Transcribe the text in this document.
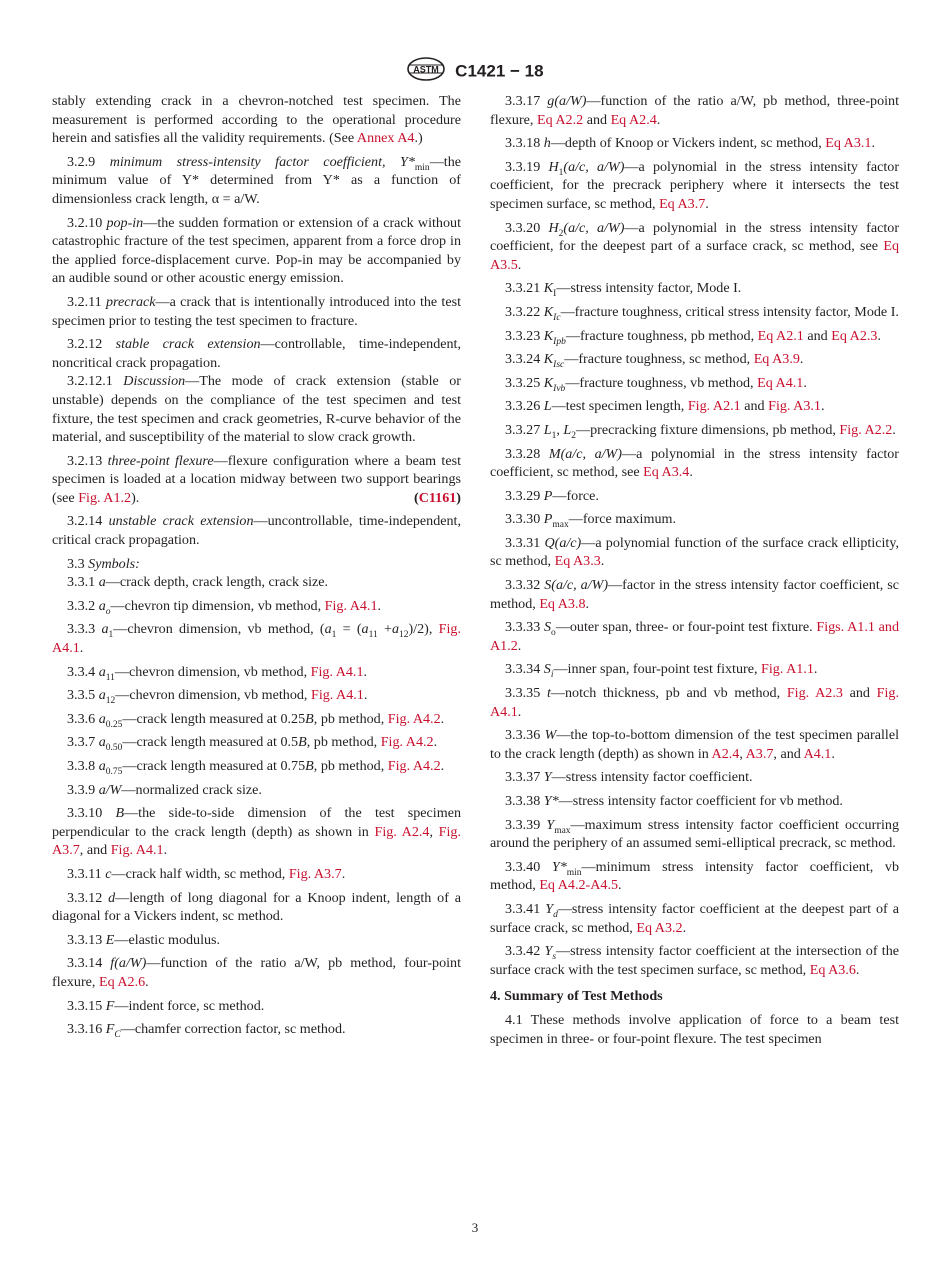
ASTM C1421 − 18

stably extending crack in a chevron-notched test specimen. The measurement is performed according to the operational procedure herein and satisfies all the validity requirements. (See Annex A4.)

3.2.9 minimum stress-intensity factor coefficient, $Y*_{min}—the$ minimum value of Y* determined from Y* as a function of dimensionless crack length, α = a/W.

3.2.10 pop-in—the sudden formation or extension of a crack without catastrophic fracture of the test specimen, apparent from a force drop in the applied force-displacement curve. Pop-in may be accompanied by an audible sound or other acoustic energy emission.

3.2.11 precrack—a crack that is intentionally introduced into the test specimen prior to testing the test specimen to fracture.

3.2.12 stable crack extension—controllable, time-independent, noncritical crack propagation.

3.2.12.1 Discussion—The mode of crack extension (stable or unstable) depends on the compliance of the test specimen and test fixture, the test specimen and crack geometries, R-curve behavior of the material, and susceptibility of the material to slow crack growth.

3.2.13 three-point flexure—flexure configuration where a beam test specimen is loaded at a location midway between two support bearings (see Fig. A1.2).	(C1161)

3.2.14 unstable crack extension—uncontrollable, time-independent, critical crack propagation.

3.3 Symbols:

3.3.1 a—crack depth, crack length, crack size.

3.3.2 $a_o—chevron$ tip dimension, vb method, Fig. A4.1.

3.3.3 $a_1—chevron$ dimension, vb method, $(a_1 = (a_{11} +a_{12})/2)$, Fig. A4.1.

3.3.4 $a_{11}—chevron$ dimension, vb method, Fig. A4.1.

3.3.5 $a_{12}—chevron$ dimension, vb method, Fig. A4.1.

3.3.6 $a_{0.25}—crack$ length measured at 0.25B, pb method, Fig. A4.2.

3.3.7 $a_{0.50}—crack$ length measured at 0.5B, pb method, Fig. A4.2.

3.3.8 $a_{0.75}—crack$ length measured at 0.75B, pb method, Fig. A4.2.

3.3.9 a/W—normalized crack size.

3.3.10 B—the side-to-side dimension of the test specimen perpendicular to the crack length (depth) as shown in Fig. A2.4, Fig. A3.7, and Fig. A4.1.

3.3.11 c—crack half width, sc method, Fig. A3.7.

3.3.12 d—length of long diagonal for a Knoop indent, length of a diagonal for a Vickers indent, sc method.

3.3.13 E—elastic modulus.

3.3.14 f(a/W)—function of the ratio a/W, pb method, four-point flexure, Eq A2.6.

3.3.15 F—indent force, sc method.

3.3.16 $F_C—chamfer$ correction factor, sc method.

3.3.17 g(a/W)—function of the ratio a/W, pb method, three-point flexure, Eq A2.2 and Eq A2.4.

3.3.18 h—depth of Knoop or Vickers indent, sc method, Eq A3.1.

3.3.19 $H_1(a/c$, a/W)—a polynomial in the stress intensity factor coefficient, for the precrack periphery where it intersects the test specimen surface, sc method, Eq A3.7.

3.3.20 $H_2(a/c$, a/W)—a polynomial in the stress intensity factor coefficient, for the deepest part of a surface crack, sc method, see Eq A3.5.

3.3.21 $K_I—stress$ intensity factor, Mode I.

3.3.22 $K_{Ic}—fracture$ toughness, critical stress intensity factor, Mode I.

3.3.23 $K_{Ipb}—fracture$ toughness, pb method, Eq A2.1 and Eq A2.3.

3.3.24 $K_{Isc}—fracture$ toughness, sc method, Eq A3.9.

3.3.25 $K_{Ivb}—fracture$ toughness, vb method, Eq A4.1.

3.3.26 L—test specimen length, Fig. A2.1 and Fig. A3.1.

3.3.27 $L_1$, $L_2—precracking$ fixture dimensions, pb method, Fig. A2.2.

3.3.28 M(a/c, a/W)—a polynomial in the stress intensity factor coefficient, sc method, see Eq A3.4.

3.3.29 P—force.

3.3.30 $P_{max}—force$ maximum.

3.3.31 Q(a/c)—a polynomial function of the surface crack ellipticity, sc method, Eq A3.3.

3.3.32 S(a/c, a/W)—factor in the stress intensity factor coefficient, sc method, Eq A3.8.

3.3.33 $S_o—outer$ span, three- or four-point test fixture. Figs. A1.1 and A1.2.

3.3.34 $S_i—inner$ span, four-point test fixture, Fig. A1.1.

3.3.35 t—notch thickness, pb and vb method, Fig. A2.3 and Fig. A4.1.

3.3.36 W—the top-to-bottom dimension of the test specimen parallel to the crack length (depth) as shown in A2.4, A3.7, and A4.1.

3.3.37 Y—stress intensity factor coefficient.

3.3.38 Y*—stress intensity factor coefficient for vb method.

3.3.39 $Y_{max}—maximum$ stress intensity factor coefficient occurring around the periphery of an assumed semi-elliptical precrack, sc method.

3.3.40 $Y*_{min}—minimum$ stress intensity factor coefficient, vb method, Eq A4.2-A4.5.

3.3.41 $Y_d—stress$ intensity factor coefficient at the deepest part of a surface crack, sc method, Eq A3.2.

3.3.42 $Y_s—stress$ intensity factor coefficient at the intersection of the surface crack with the test specimen surface, sc method, Eq A3.6.

4. Summary of Test Methods

4.1 These methods involve application of force to a beam test specimen in three- or four-point flexure. The test specimen

3
